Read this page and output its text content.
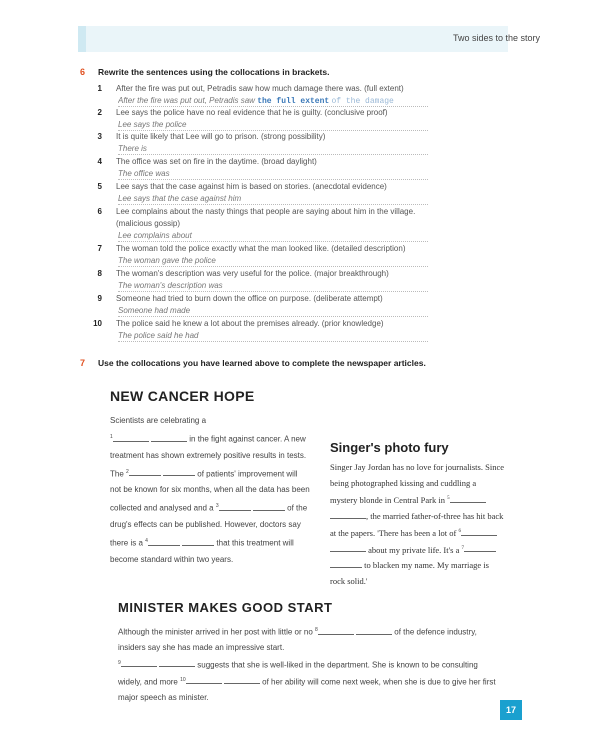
Two sides to the story
6 Rewrite the sentences using the collocations in brackets.
1 After the fire was put out, Petradis saw how much damage there was. (full extent)
After the fire was put out, Petradis saw the full extent of the damage
2 Lee says the police have no real evidence that he is guilty. (conclusive proof)
Lee says the police
3 It is quite likely that Lee will go to prison. (strong possibility)
There is
4 The office was set on fire in the daytime. (broad daylight)
The office was
5 Lee says that the case against him is based on stories. (anecdotal evidence)
Lee says that the case against him
6 Lee complains about the nasty things that people are saying about him in the village. (malicious gossip)
Lee complains about
7 The woman told the police exactly what the man looked like. (detailed description)
The woman gave the police
8 The woman's description was very useful for the police. (major breakthrough)
The woman's description was
9 Someone had tried to burn down the office on purpose. (deliberate attempt)
Someone had made
10 The police said he knew a lot about the premises already. (prior knowledge)
The police said he had
7 Use the collocations you have learned above to complete the newspaper articles.
NEW CANCER HOPE
Scientists are celebrating a
$^1$	in the fight against cancer. A new treatment has shown extremely positive results in tests. The $^2$	of patients' improvement will not be known for six months, when all the data has been collected and analysed and a $^3$	of the drug's effects can be published. However, doctors say there is a $^4$	that this treatment will become standard within two years.
Singer's photo fury
Singer Jay Jordan has no love for journalists. Since being photographed kissing and cuddling a mystery blonde in Central Park in $^5$ , the married father-of-three has hit back at the papers. 'There has been a lot of $^6$  about my private life. It's a $^7$  to blacken my name. My marriage is rock solid.'
MINISTER MAKES GOOD START
Although the minister arrived in her post with little or no $^8$	of the defence industry, insiders say she has made an impressive start.
$^9$	suggests that she is well-liked in the department. She is known to be consulting widely, and more $^{10}$	of her ability will come next week, when she is due to give her first major speech as minister.
17
